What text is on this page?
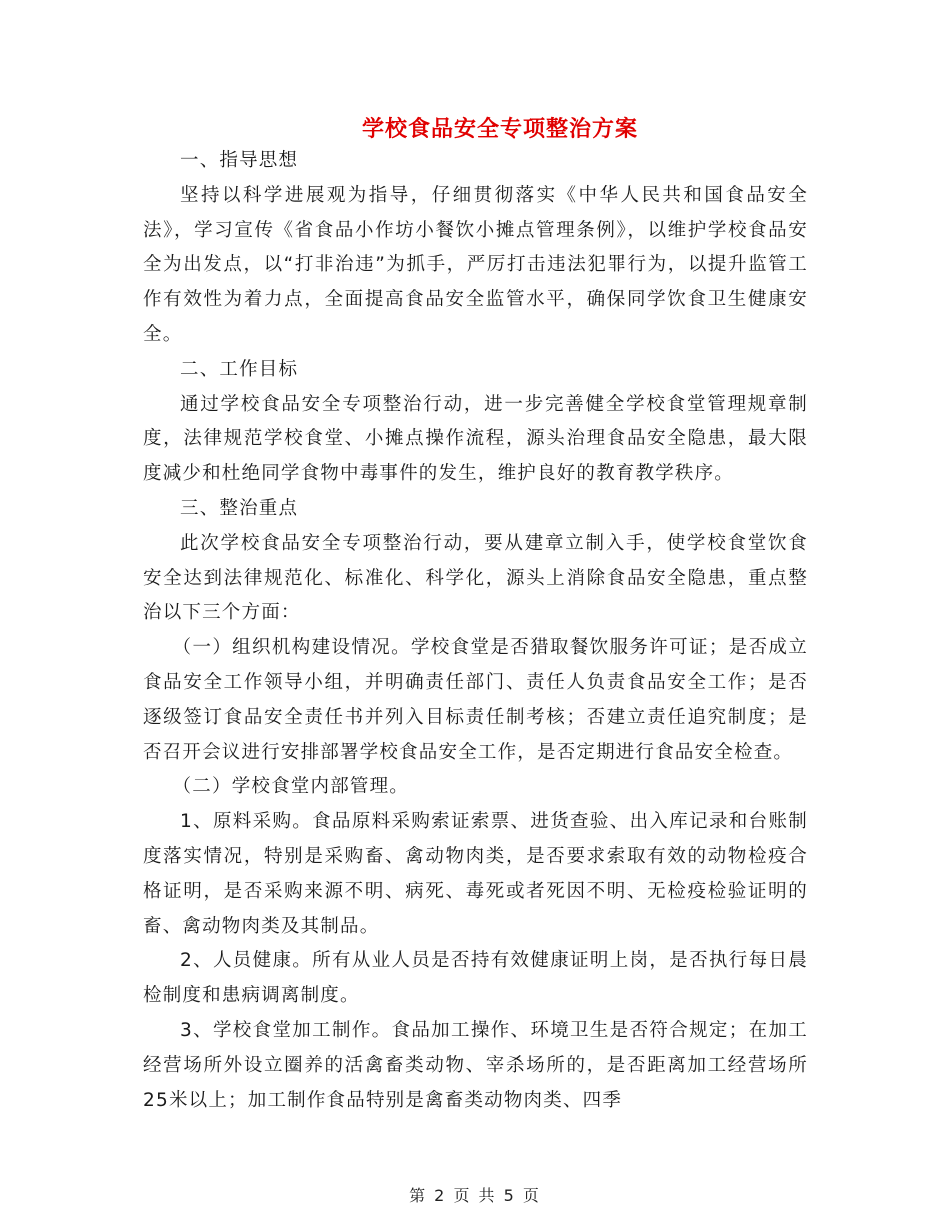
学校食品安全专项整治方案

一、指导思想

坚持以科学进展观为指导，仔细贯彻落实《中华人民共和国食品安全法》，学习宣传《省食品小作坊小餐饮小摊点管理条例》，以维护学校食品安全为出发点，以“打非治违”为抓手，严厉打击违法犯罪行为，以提升监管工作有效性为着力点，全面提高食品安全监管水平，确保同学饮食卫生健康安全。

二、工作目标

通过学校食品安全专项整治行动，进一步完善健全学校食堂管理规章制度，法律规范学校食堂、小摊点操作流程，源头治理食品安全隐患，最大限度减少和杜绝同学食物中毒事件的发生，维护良好的教育教学秩序。

三、整治重点

此次学校食品安全专项整治行动，要从建章立制入手，使学校食堂饮食安全达到法律规范化、标准化、科学化，源头上消除食品安全隐患，重点整治以下三个方面：

（一）组织机构建设情况。学校食堂是否猎取餐饮服务许可证；是否成立食品安全工作领导小组，并明确责任部门、责任人负责食品安全工作；是否逐级签订食品安全责任书并列入目标责任制考核；否建立责任追究制度；是否召开会议进行安排部署学校食品安全工作，是否定期进行食品安全检查。

（二）学校食堂内部管理。

1、原料采购。食品原料采购索证索票、进货查验、出入库记录和台账制度落实情况，特别是采购畜、禽动物肉类，是否要求索取有效的动物检疫合格证明，是否采购来源不明、病死、毒死或者死因不明、无检疫检验证明的畜、禽动物肉类及其制品。

2、人员健康。所有从业人员是否持有效健康证明上岗，是否执行每日晨检制度和患病调离制度。

3、学校食堂加工制作。食品加工操作、环境卫生是否符合规定；在加工经营场所外设立圈养的活禽畜类动物、宰杀场所的，是否距离加工经营场所25米以上；加工制作食品特别是禽畜类动物肉类、四季

第 2 页 共 5 页
